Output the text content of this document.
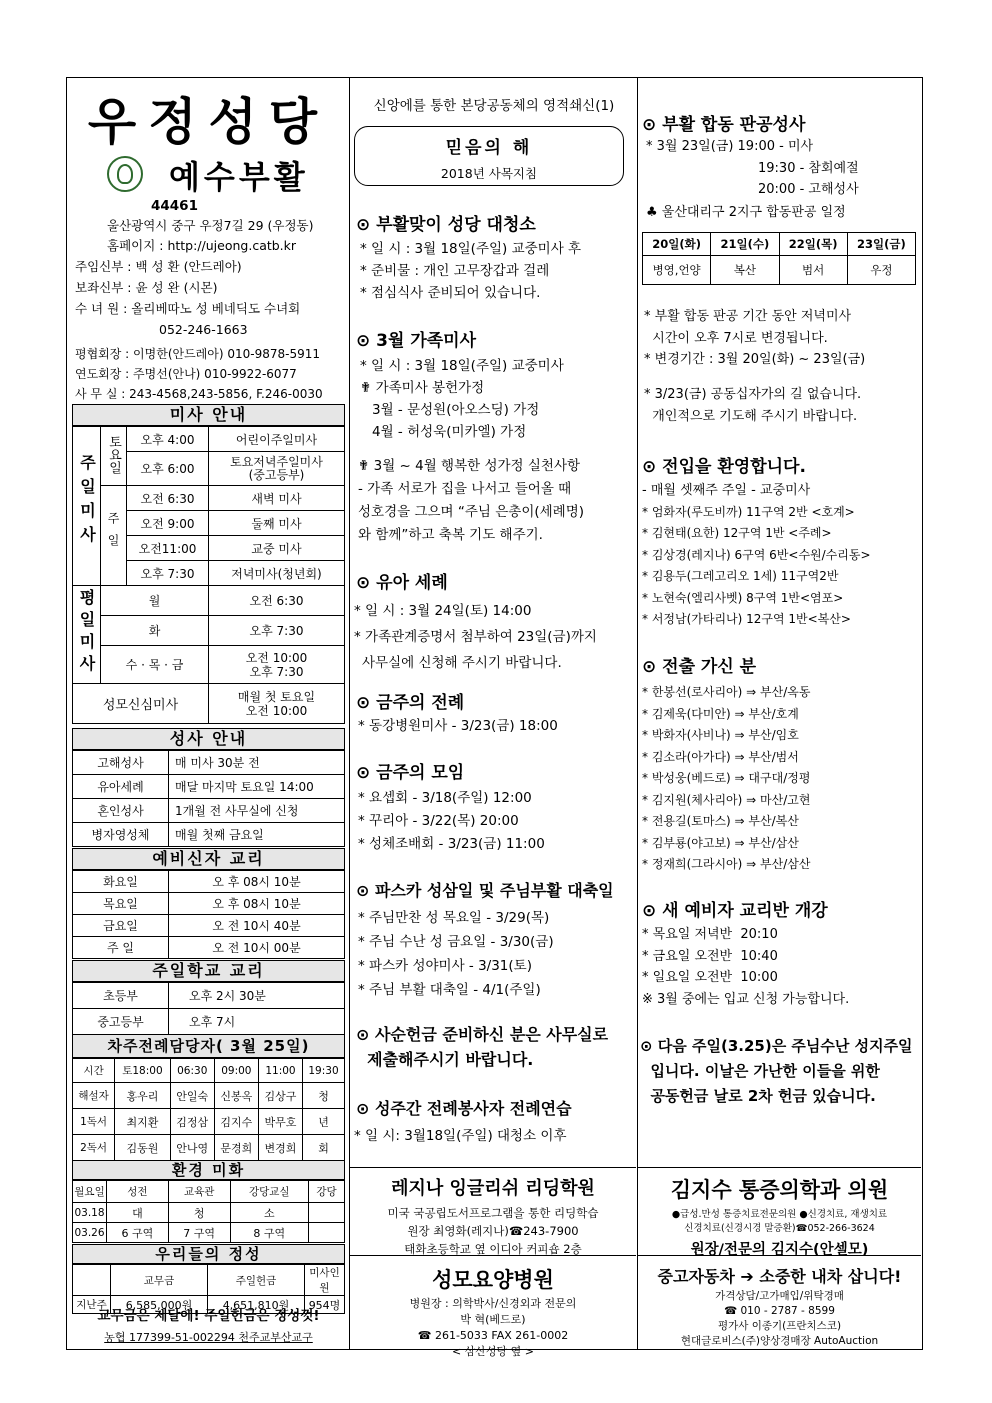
우정성당
예수부활
44461
울산광역시 중구 우정7길 29 (우정동)
홈페이지 : http://ujeong.catb.kr
주임신부 : 백 성 환 (안드레아)
보좌신부 : 윤 성 완 (시몬)
수 녀 원 : 올리베따노 성 베네딕도 수녀회
052-246-1663
평협회장 : 이명한(안드레아) 010-9878-5911
연도회장 : 주명선(안나) 010-9922-6077
사 무 실 : 243-4568,243-5856, F.246-0030
미사 안내
주일미사	토요일	오후 4:00	어린이주일미사
		오후 6:00	토요저녁주일미사
(중고등부)

	주일	오전 6:30	새벽 미사
		오전 9:00	둘째 미사
		오전11:00	교중 미사
		오후 7:30	저녁미사(청년회)
평일미사	월		오전 6:30
	화		오후 7:30
	수 · 목 · 금		오전 10:00
오후 7:30

성모신심미사			매월 첫 토요일
오전 10:00
성사 안내
고해성사	매 미사 30분 전
유아세례	매달 마지막 토요일 14:00
혼인성사	1개월 전 사무실에 신청
병자영성체	매월 첫째 금요일
예비신자 교리
화요일	오 후 08시 10분
목요일	오 후 08시 10분
금요일	오 전 10시 40분
주 일	오 전 10시 00분
주일학교 교리
초등부	오후 2시 30분
중고등부	오후 7시
차주전례담당자( 3월 25일)
시간	토18:00	06:30	09:00	11:00	19:30
해설자	홍우리	안일숙	신봉옥	김상구	청
1독서	최지환	김정삼	김지수	박무호	년
2독서	김동원	안나영	문경희	변경희	회
환경 미화
월요일	성전	교육관	강당교실	강당
03.18	대	청	소	
03.26	6 구역	7 구역	8 구역	
우리들의 정성
	교무금	주일헌금	미사인원
지난주	6,585,000원	4,651,810원	954명
교무금은 제달에! 주일헌금은 정성껏!
농협 177399-51-002294 천주교부산교구
신앙에를 통한 본당공동체의 영적쇄신(1)
믿음의 해
2018년 사목지침
⊙ 부활맞이 성당 대청소
* 일 시 : 3월 18일(주일) 교중미사 후
* 준비물 : 개인 고무장갑과 걸레
* 점심식사 준비되어 있습니다.
⊙ 3월 가족미사
* 일 시 : 3월 18일(주일) 교중미사
✟ 가족미사 봉헌가정
3월 - 문성원(아오스딩) 가정
4월 - 허성욱(미카엘) 가정
✟ 3월 ~ 4월 행복한 성가정 실천사항
- 가족 서로가 집을 나서고 들어올 때
성호경을 그으며 “주님 은총이(세례명)
와 함께”하고 축복 기도 해주기.
⊙ 유아 세례
* 일 시 : 3월 24일(토) 14:00
* 가족관계증명서 첨부하여 23일(금)까지
사무실에 신청해 주시기 바랍니다.
⊙ 금주의 전례
* 동강병원미사 - 3/23(금) 18:00
⊙ 금주의 모임
* 요셉회 - 3/18(주일) 12:00
* 꾸리아 - 3/22(목) 20:00
* 성체조배회 - 3/23(금) 11:00
⊙ 파스카 성삼일 및 주님부활 대축일
* 주님만찬 성 목요일 - 3/29(목)
* 주님 수난 성 금요일 - 3/30(금)
* 파스카 성야미사 - 3/31(토)
* 주님 부활 대축일 - 4/1(주일)
⊙ 사순헌금 준비하신 분은 사무실로
제출해주시기 바랍니다.
⊙ 성주간 전례봉사자 전례연습
* 일 시: 3월18일(주일) 대청소 이후
레지나 잉글리쉬 리딩학원
미국 국공립도서프로그램을 통한 리딩학습
원장 최영화(레지나)☎243-7900
태화초등학교 옆 이디아 커피숍 2층
성모요양병원
병원장 : 의학박사/신경외과 전문의
박 혁(베드로)
☎ 261-5033 FAX 261-0002
< 삼산성당 옆 >
⊙ 부활 합동 판공성사
* 3월 23일(금) 19:00 - 미사
19:30 - 참회예절
20:00 - 고해성사
♣ 울산대리구 2지구 합동판공 일정
20일(화)	21일(수)	22일(목)	23일(금)
병영,언양	복산	범서	우정
* 부활 합동 판공 기간 동안 저녁미사
시간이 오후 7시로 변경됩니다.
* 변경기간 : 3월 20일(화) ~ 23일(금)
* 3/23(금) 공동십자가의 길 없습니다.
개인적으로 기도해 주시기 바랍니다.
⊙ 전입을 환영합니다.
- 매월 셋째주 주일 - 교중미사
* 엄화자(루도비까) 11구역 2반 <호계>
* 김현태(요한) 12구역 1반 <주례>
* 김상경(레지나) 6구역 6반<수원/수리동>
* 김용두(그레고리오 1세) 11구역2반
* 노현숙(엘리사벳) 8구역 1반<염포>
* 서정남(가타리나) 12구역 1반<복산>
⊙ 전출 가신 분
* 한봉선(로사리아) ⇒ 부산/옥동
* 김제욱(다미안) ⇒ 부산/호계
* 박화자(사비나) ⇒ 부산/임호
* 김소라(아가다) ⇒ 부산/범서
* 박성웅(베드로) ⇒ 대구대/정평
* 김지원(체사리아) ⇒ 마산/고현
* 전용길(토마스) ⇒ 부산/복산
* 김부룡(야고보) ⇒ 부산/삼산
* 정재희(그라시아) ⇒ 부산/삼산
⊙ 새 예비자 교리반 개강
* 목요일 저녁반  20:10
* 금요일 오전반  10:40
* 일요일 오전반  10:00
※ 3월 중에는 입교 신청 가능합니다.
⊙ 다음 주일(3.25)은 주님수난 성지주일
입니다. 이날은 가난한 이들을 위한
공동헌금 날로 2차 헌금 있습니다.
김지수 통증의학과 의원
●급성.만성 통증치료전문의원 ●신경치료, 재생치료
신경치료(신경시경 말증환)☎052-266-3624
원장/전문의 김지수(안셀모)
중고자동차 ➔ 소중한 내차 삽니다!
가격상담/고가매입/위탁경매
☎ 010 - 2787 - 8599
평가사 이종기(프란치스코)
현대글로비스(주)양상경매장 AutoAuction
